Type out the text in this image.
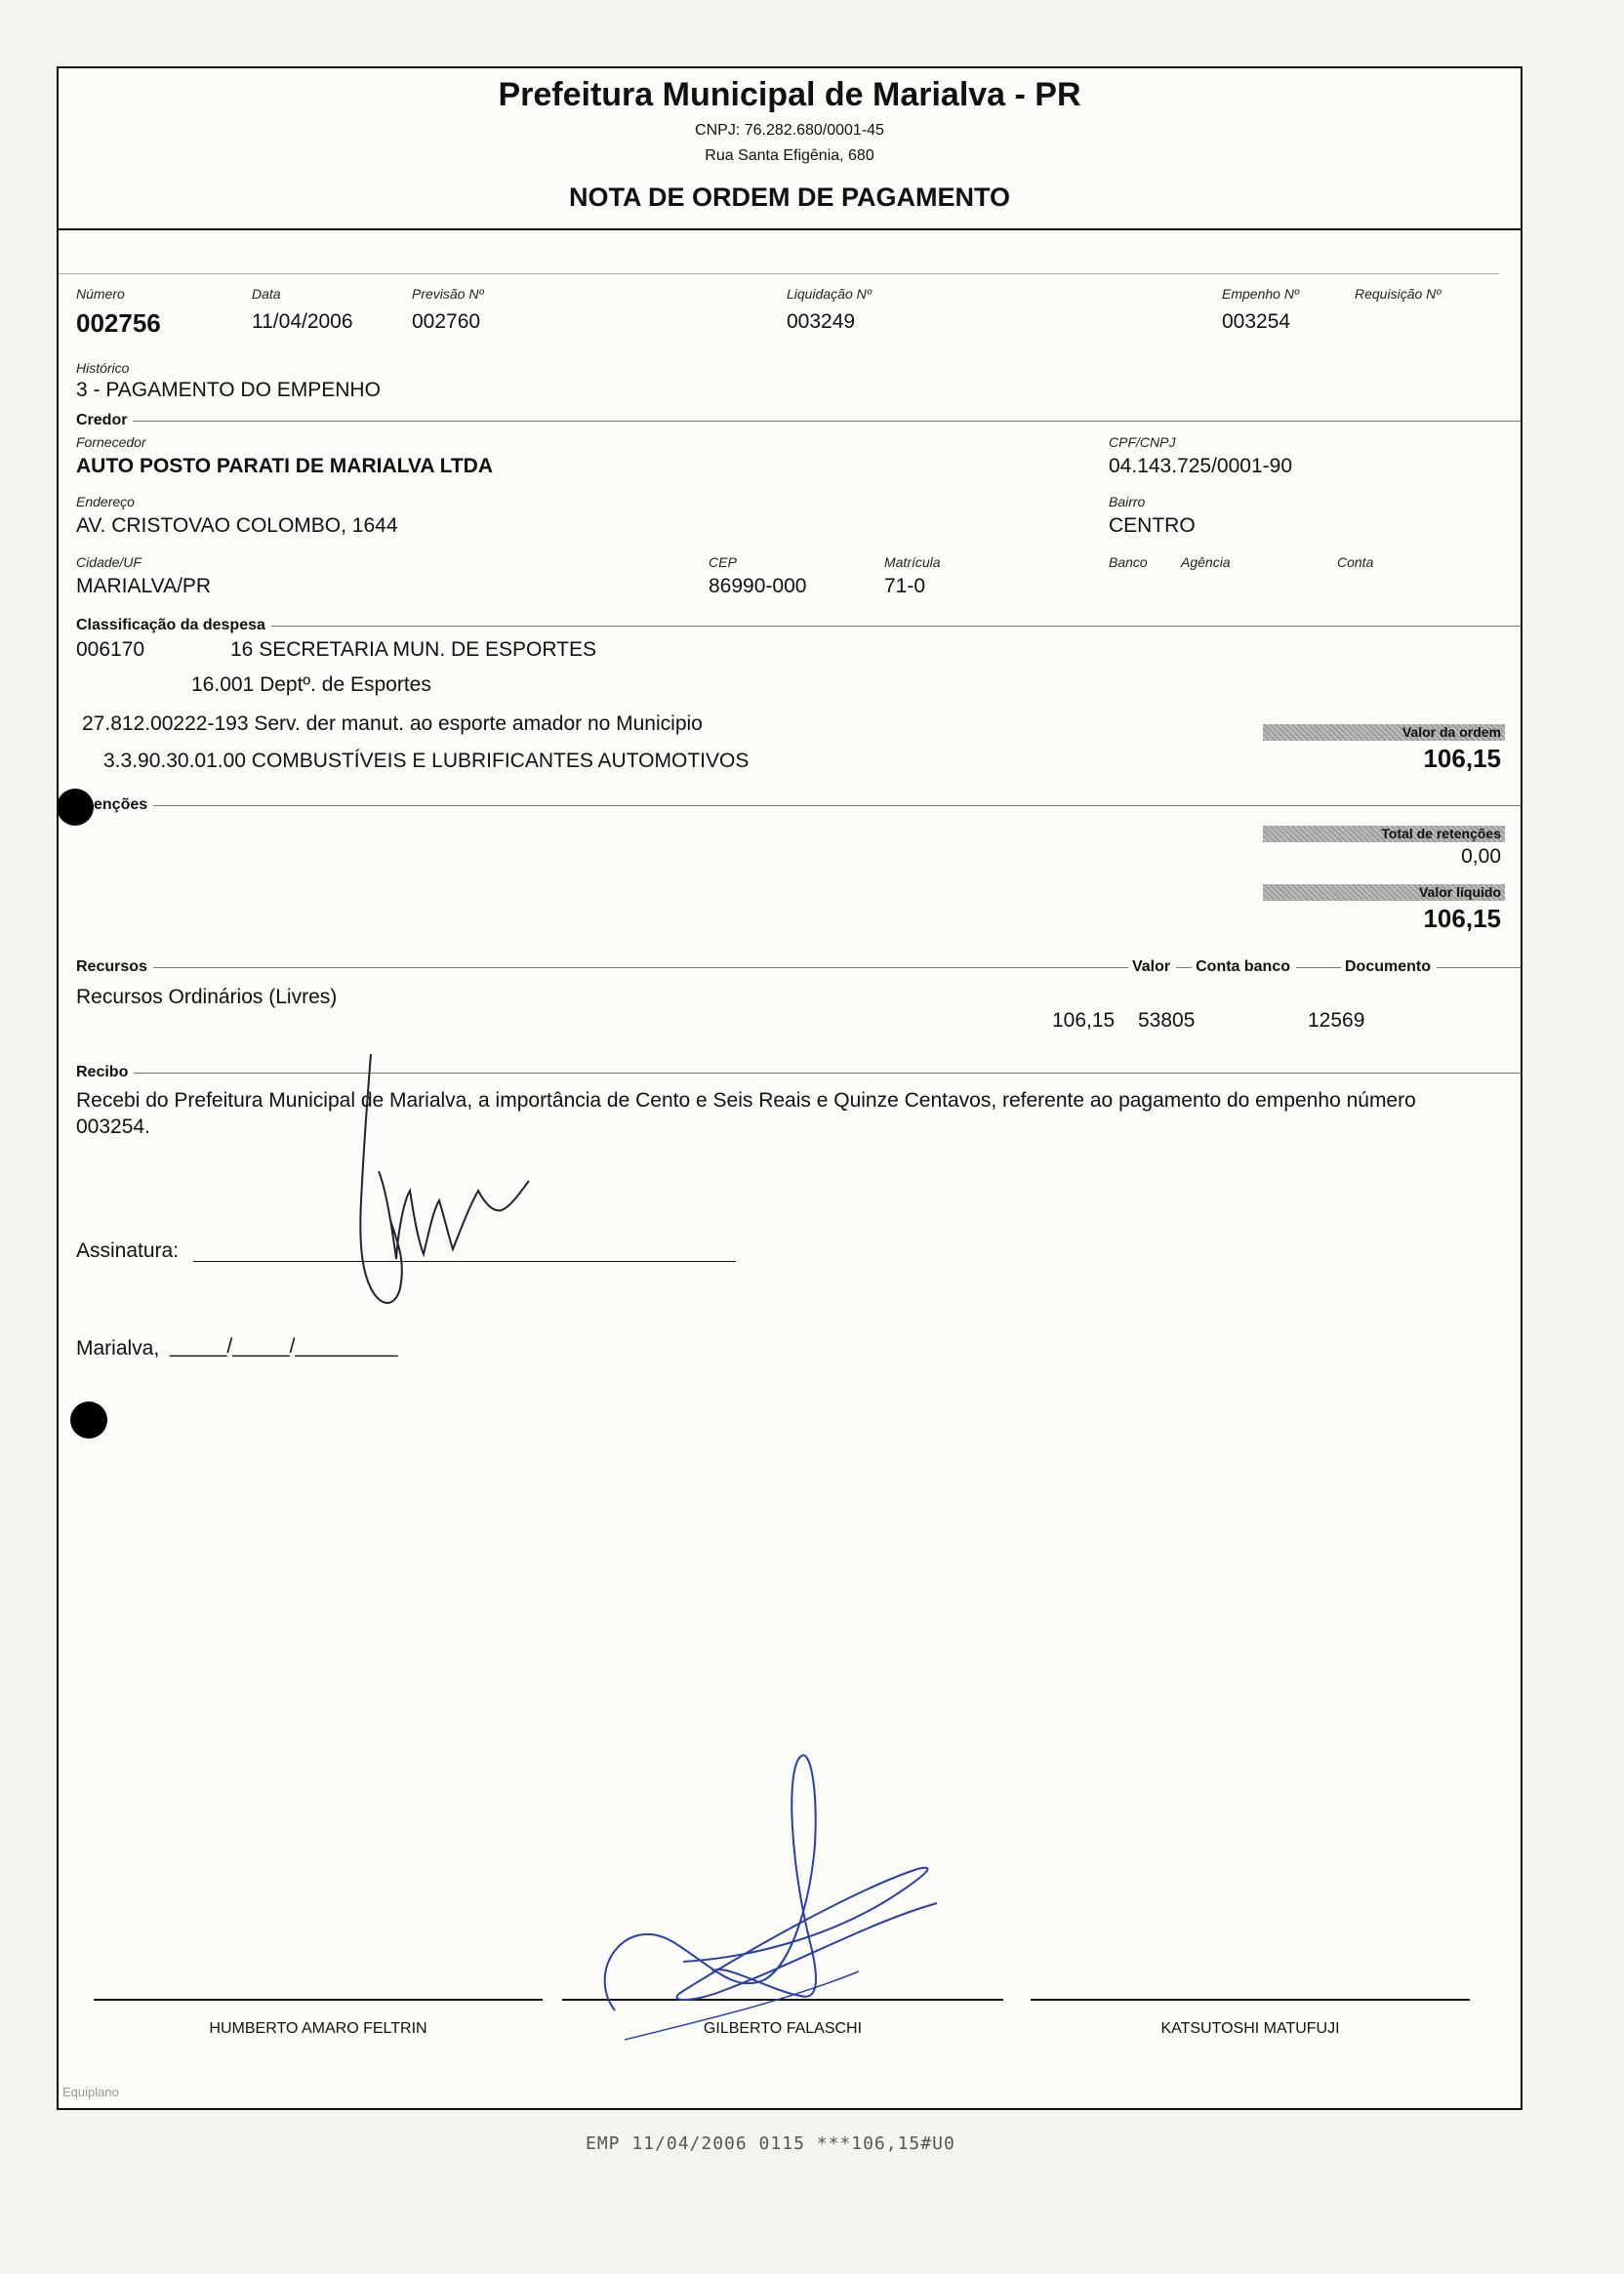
Prefeitura Municipal de Marialva - PR
CNPJ: 76.282.680/0001-45
Rua Santa Efigênia, 680
NOTA DE ORDEM DE PAGAMENTO
Número
002756
Data
11/04/2006
Previsão Nº
002760
Liquidação Nº
003249
Empenho Nº
003254
Requisição Nº
Histórico
3 - PAGAMENTO DO EMPENHO
Credor
Fornecedor
AUTO POSTO PARATI DE MARIALVA LTDA
CPF/CNPJ
04.143.725/0001-90
Endereço
AV. CRISTOVAO COLOMBO, 1644
Bairro
CENTRO
Cidade/UF
MARIALVA/PR
CEP
86990-000
Matrícula
71-0
Banco Agência	Conta
Classificação da despesa
006170	16 SECRETARIA MUN. DE ESPORTES
16.001 Deptº. de Esportes
27.812.00222-193 Serv. der manut. ao esporte amador no Municipio
3.3.90.30.01.00 COMBUSTÍVEIS E LUBRIFICANTES AUTOMOTIVOS
Valor da ordem
106,15
enções
Total de retenções
0,00
Valor líquido
106,15
Recursos	Valor Conta banco	Documento
Recursos Ordinários (Livres)
106,15 53805	12569
Recibo
Recebi do Prefeitura Municipal de Marialva, a importância de Cento e Seis Reais e Quinze Centavos, referente ao pagamento do empenho número 003254.
Assinatura:
Marialva, _____/_____/_________
HUMBERTO AMARO FELTRIN	GILBERTO FALASCHI	KATSUTOSHI MATUFUJI
Equiplano
EMP 11/04/2006 0115 ***106,15#U0
